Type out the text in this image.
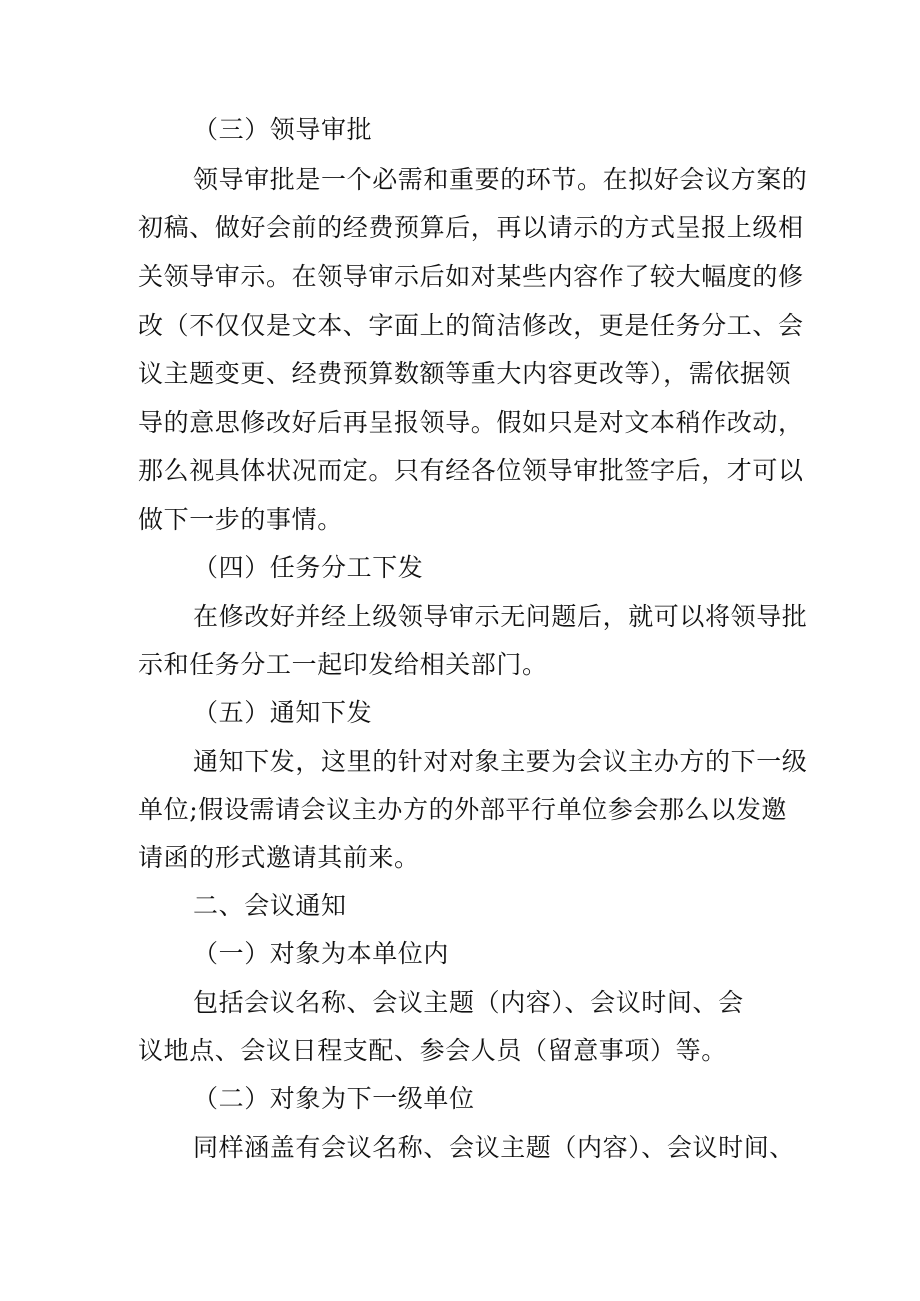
（三）领导审批
领导审批是一个必需和重要的环节。在拟好会议方案的
初稿、做好会前的经费预算后，再以请示的方式呈报上级相
关领导审示。在领导审示后如对某些内容作了较大幅度的修
改（不仅仅是文本、字面上的简洁修改，更是任务分工、会
议主题变更、经费预算数额等重大内容更改等），需依据领
导的意思修改好后再呈报领导。假如只是对文本稍作改动，
那么视具体状况而定。只有经各位领导审批签字后，才可以
做下一步的事情。
（四）任务分工下发
在修改好并经上级领导审示无问题后，就可以将领导批
示和任务分工一起印发给相关部门。
（五）通知下发
通知下发，这里的针对对象主要为会议主办方的下一级
单位;假设需请会议主办方的外部平行单位参会那么以发邀
请函的形式邀请其前来。
二、会议通知
（一）对象为本单位内
包括会议名称、会议主题（内容）、会议时间、会
议地点、会议日程支配、参会人员（留意事项）等。
（二）对象为下一级单位
同样涵盖有会议名称、会议主题（内容）、会议时间、
